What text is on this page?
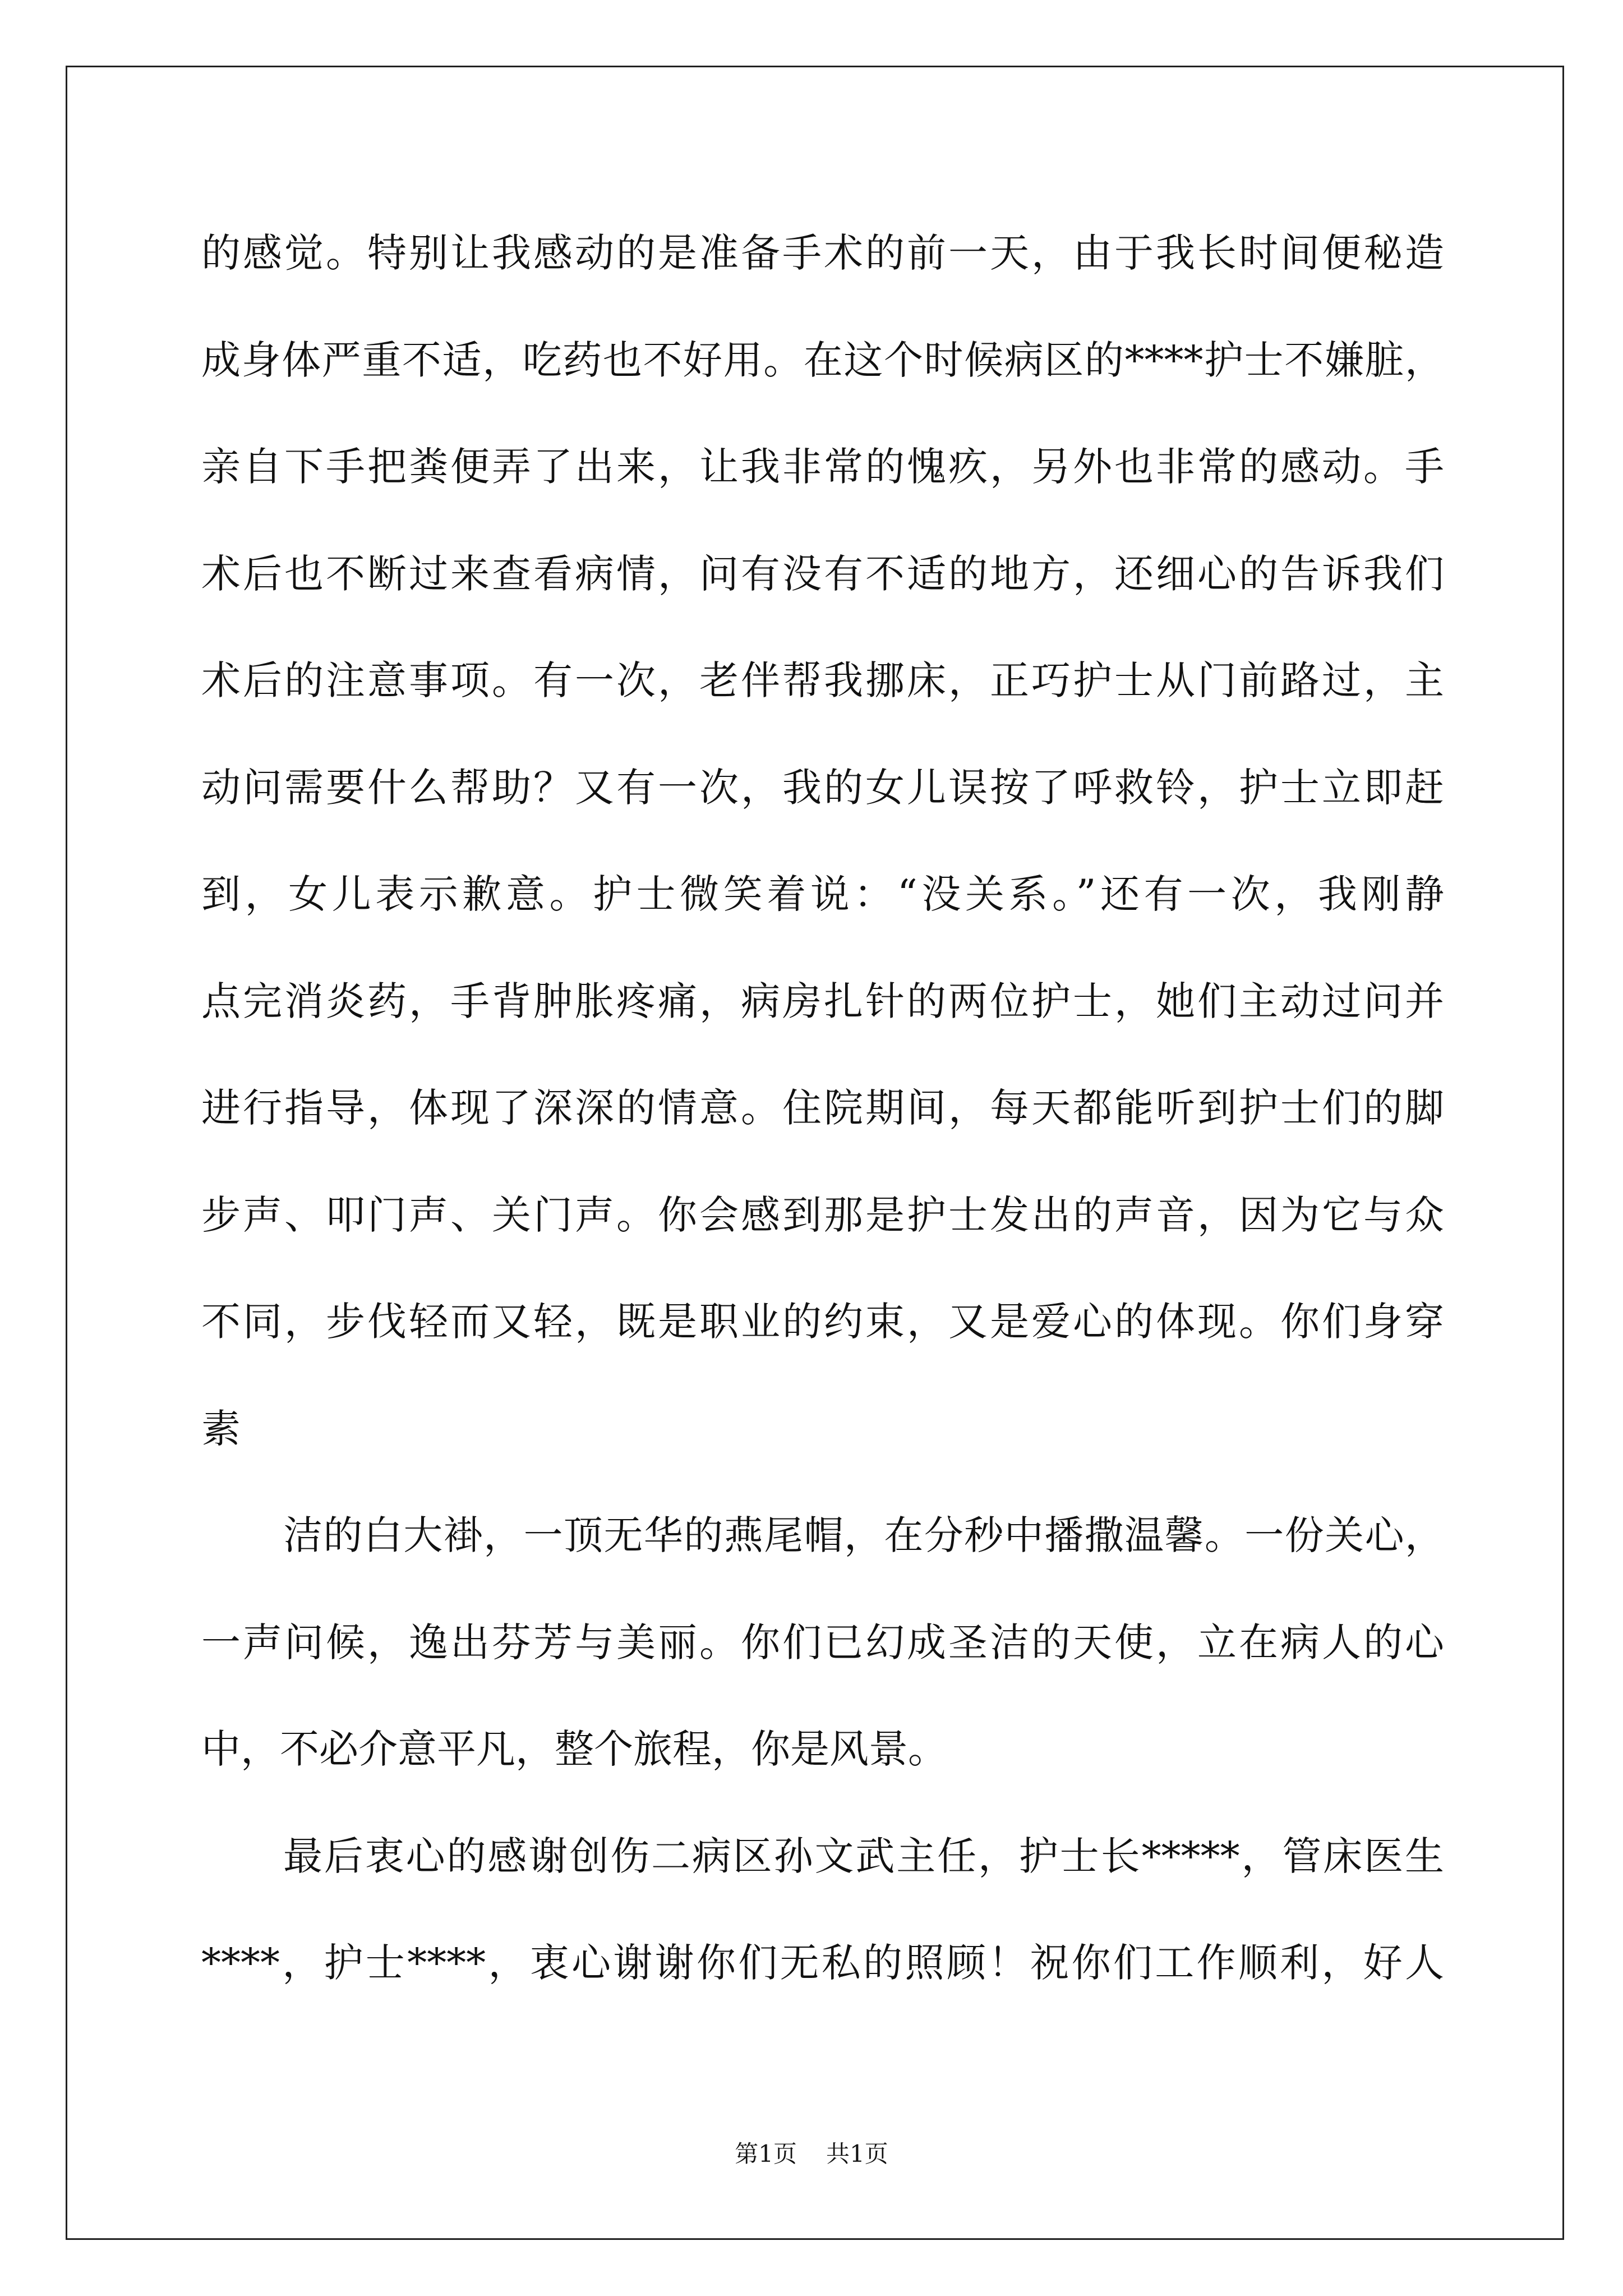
的感觉。特别让我感动的是准备手术的前一天，由于我长时间便秘造
成身体严重不适，吃药也不好用。在这个时候病区的****护士不嫌脏，
亲自下手把粪便弄了出来，让我非常的愧疚，另外也非常的感动。手
术后也不断过来查看病情，问有没有不适的地方，还细心的告诉我们
术后的注意事项。有一次，老伴帮我挪床，正巧护士从门前路过，主
动问需要什么帮助？又有一次，我的女儿误按了呼救铃，护士立即赶
到，女儿表示歉意。护士微笑着说：“没关系。”还有一次，我刚静
点完消炎药，手背肿胀疼痛，病房扎针的两位护士，她们主动过问并
进行指导，体现了深深的情意。住院期间，每天都能听到护士们的脚
步声、叩门声、关门声。你会感到那是护士发出的声音，因为它与众
不同，步伐轻而又轻，既是职业的约束，又是爱心的体现。你们身穿
素
洁的白大褂，一顶无华的燕尾帽，在分秒中播撒温馨。一份关心，
一声问候，逸出芬芳与美丽。你们已幻成圣洁的天使，立在病人的心
中，不必介意平凡，整个旅程，你是风景。
最后衷心的感谢创伤二病区孙文武主任，护士长*****，管床医生
****，护士****，衷心谢谢你们无私的照顾！祝你们工作顺利，好人
第1页 共1页
